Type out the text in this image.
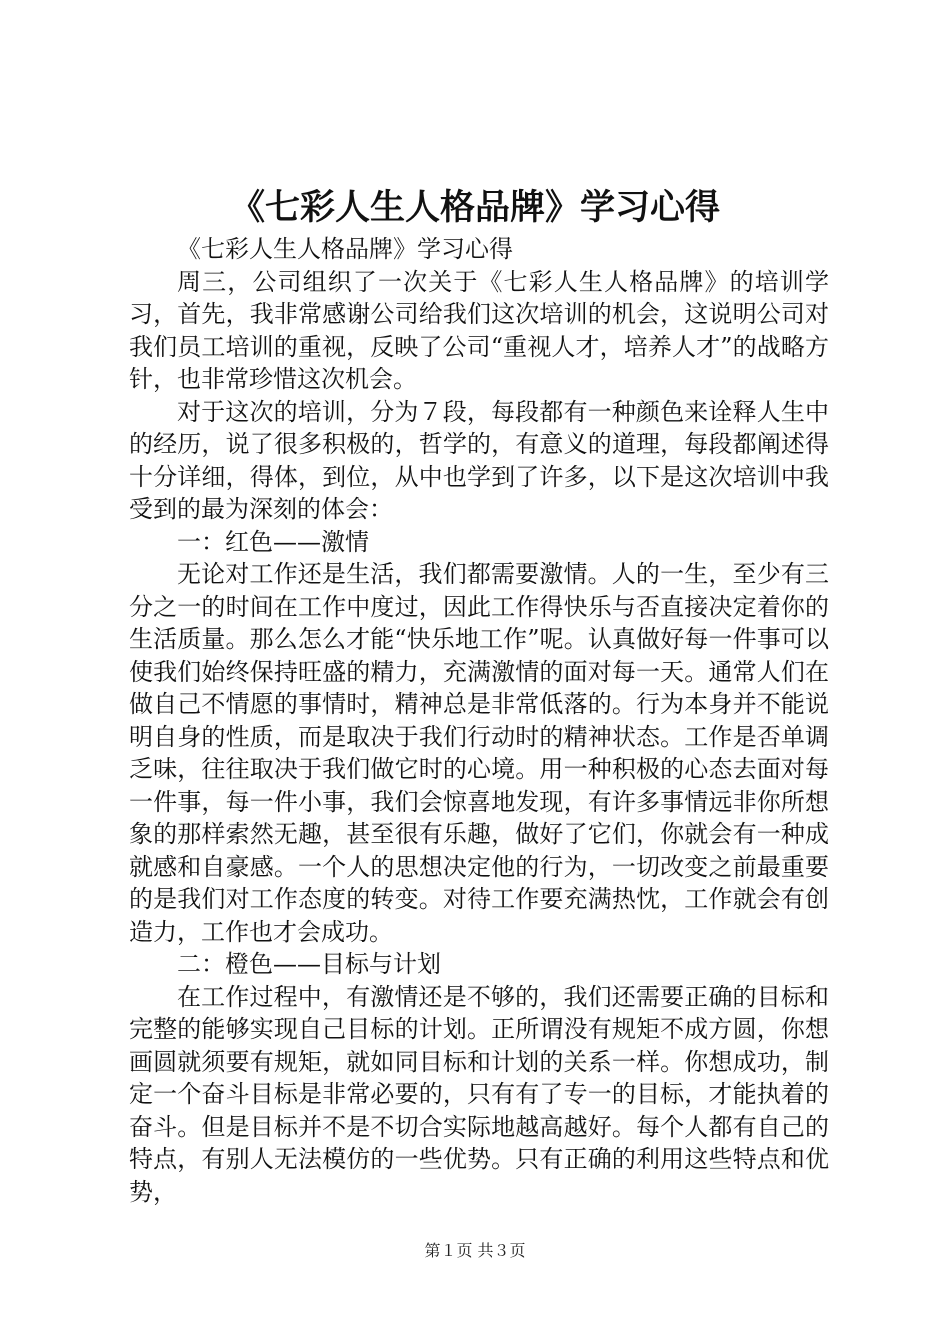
《七彩人生人格品牌》学习心得

《七彩人生人格品牌》学习心得

周三，公司组织了一次关于《七彩人生人格品牌》的培训学习，首先，我非常感谢公司给我们这次培训的机会，这说明公司对我们员工培训的重视，反映了公司“重视人才，培养人才”的战略方针，也非常珍惜这次机会。

对于这次的培训，分为７段，每段都有一种颜色来诠释人生中的经历，说了很多积极的，哲学的，有意义的道理，每段都阐述得十分详细，得体，到位，从中也学到了许多，以下是这次培训中我受到的最为深刻的体会：

一：红色——激情

无论对工作还是生活，我们都需要激情。人的一生，至少有三分之一的时间在工作中度过，因此工作得快乐与否直接决定着你的生活质量。那么怎么才能“快乐地工作”呢。认真做好每一件事可以使我们始终保持旺盛的精力，充满激情的面对每一天。通常人们在做自己不情愿的事情时，精神总是非常低落的。行为本身并不能说明自身的性质，而是取决于我们行动时的精神状态。工作是否单调乏味，往往取决于我们做它时的心境。用一种积极的心态去面对每一件事，每一件小事，我们会惊喜地发现，有许多事情远非你所想象的那样索然无趣，甚至很有乐趣，做好了它们，你就会有一种成就感和自豪感。一个人的思想决定他的行为，一切改变之前最重要的是我们对工作态度的转变。对待工作要充满热忱，工作就会有创造力，工作也才会成功。

二：橙色——目标与计划

在工作过程中，有激情还是不够的，我们还需要正确的目标和完整的能够实现自己目标的计划。正所谓没有规矩不成方圆，你想画圆就须要有规矩，就如同目标和计划的关系一样。你想成功，制定一个奋斗目标是非常必要的，只有有了专一的目标，才能执着的奋斗。但是目标并不是不切合实际地越高越好。每个人都有自己的特点，有别人无法模仿的一些优势。只有正确的利用这些特点和优势，

第１页 共３页
